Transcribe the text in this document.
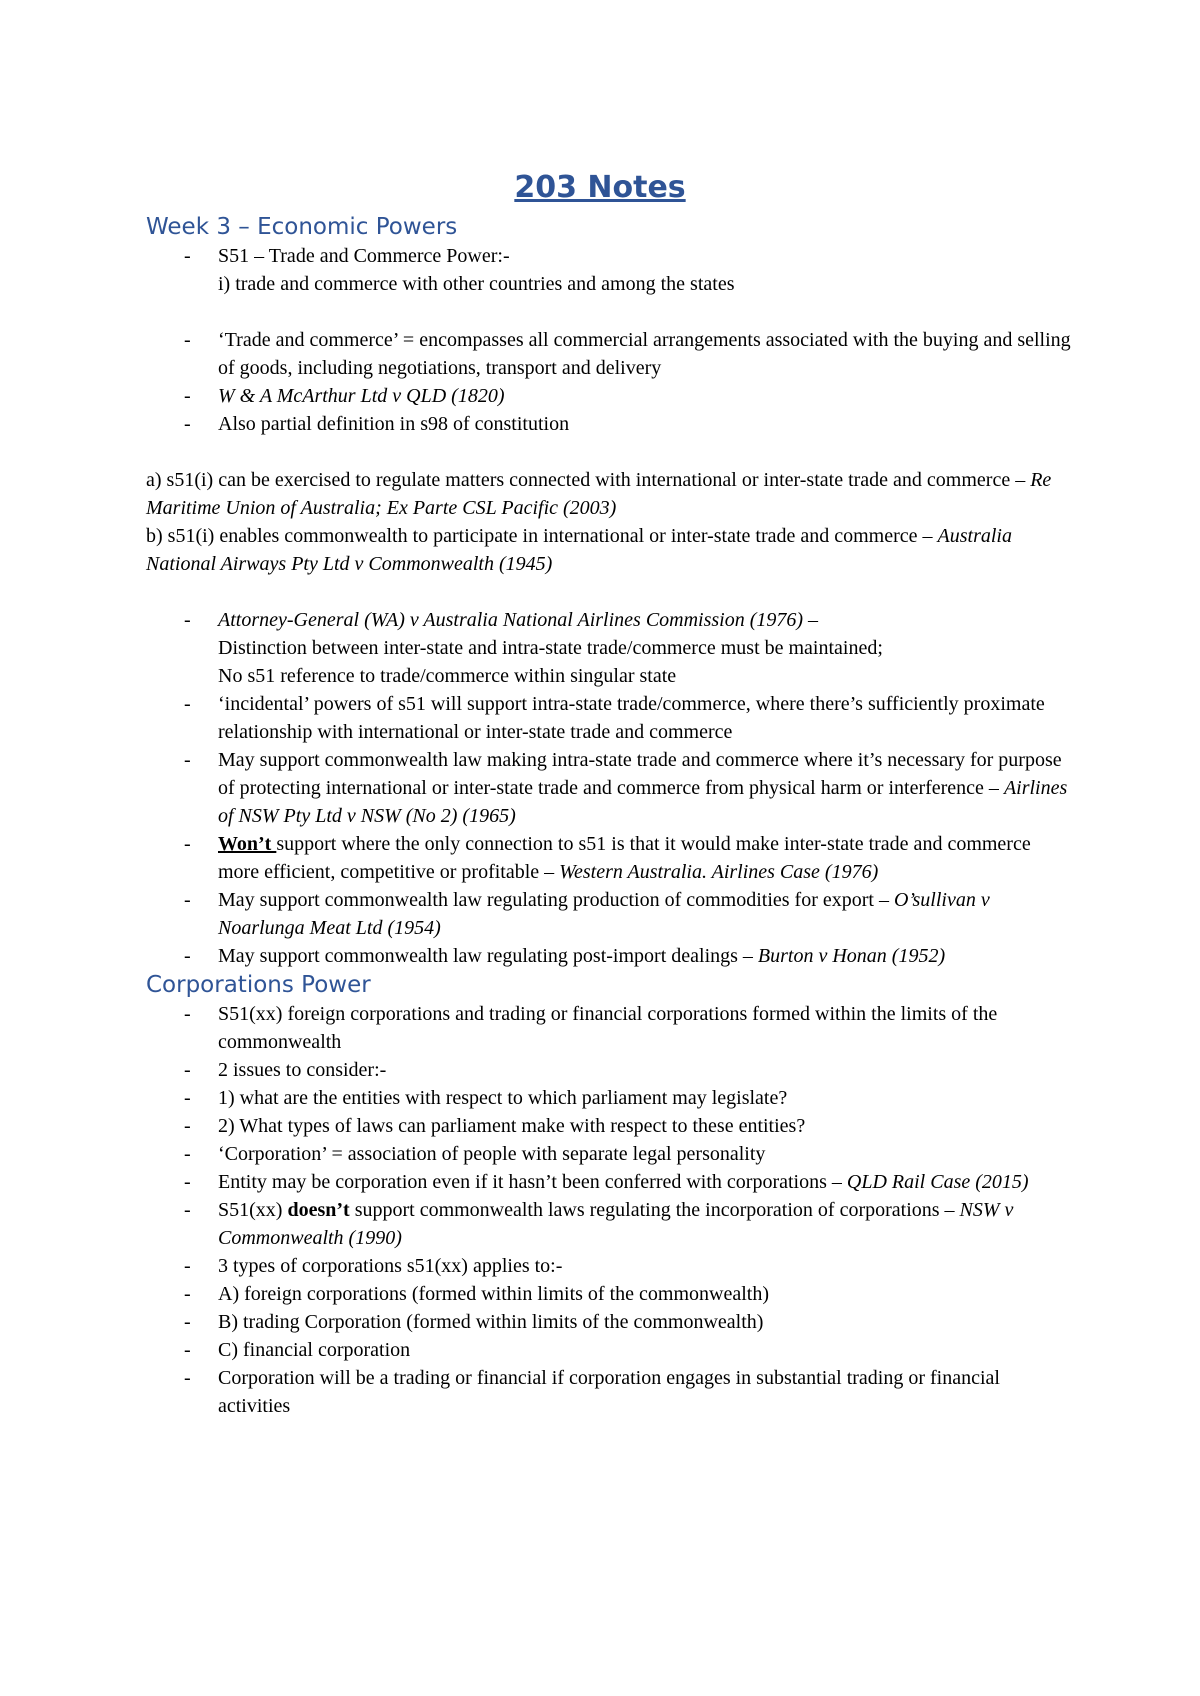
203 Notes
Week 3 – Economic Powers
- S51 – Trade and Commerce Power:-
i) trade and commerce with other countries and among the states
- ‘Trade and commerce’ = encompasses all commercial arrangements associated with the buying and selling of goods, including negotiations, transport and delivery
- W & A McArthur Ltd v QLD (1820)
- Also partial definition in s98 of constitution

a) s51(i) can be exercised to regulate matters connected with international or inter-state trade and commerce – Re Maritime Union of Australia; Ex Parte CSL Pacific (2003)

b) s51(i) enables commonwealth to participate in international or inter-state trade and commerce – Australia National Airways Pty Ltd v Commonwealth (1945)

- Attorney-General (WA) v Australia National Airlines Commission (1976) –
Distinction between inter-state and intra-state trade/commerce must be maintained;
No s51 reference to trade/commerce within singular state
- ‘incidental’ powers of s51 will support intra-state trade/commerce, where there’s sufficiently proximate relationship with international or inter-state trade and commerce
- May support commonwealth law making intra-state trade and commerce where it’s necessary for purpose of protecting international or inter-state trade and commerce from physical harm or interference – Airlines of NSW Pty Ltd v NSW (No 2) (1965)
- Won’t support where the only connection to s51 is that it would make inter-state trade and commerce more efficient, competitive or profitable – Western Australia. Airlines Case (1976)
- May support commonwealth law regulating production of commodities for export – O’sullivan v Noarlunga Meat Ltd (1954)
- May support commonwealth law regulating post-import dealings – Burton v Honan (1952)
Corporations Power
- S51(xx) foreign corporations and trading or financial corporations formed within the limits of the commonwealth
- 2 issues to consider:-
- 1) what are the entities with respect to which parliament may legislate?
- 2) What types of laws can parliament make with respect to these entities?
- ‘Corporation’ = association of people with separate legal personality
- Entity may be corporation even if it hasn’t been conferred with corporations – QLD Rail Case (2015)
- S51(xx) doesn’t support commonwealth laws regulating the incorporation of corporations – NSW v Commonwealth (1990)
- 3 types of corporations s51(xx) applies to:-
- A) foreign corporations (formed within limits of the commonwealth)
- B) trading Corporation (formed within limits of the commonwealth)
- C) financial corporation
- Corporation will be a trading or financial if corporation engages in substantial trading or financial activities
